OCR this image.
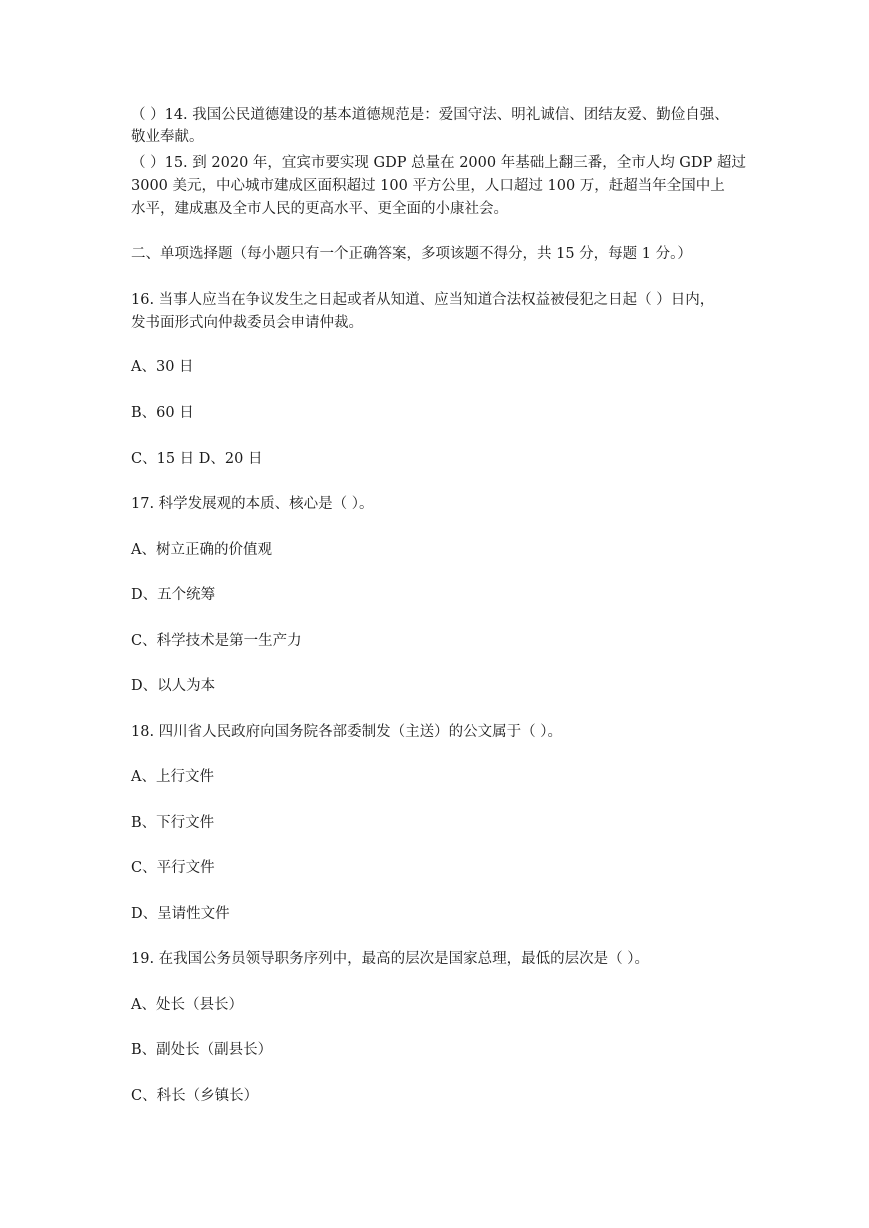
（ ）14. 我国公民道德建设的基本道德规范是：爱国守法、明礼诚信、团结友爱、勤俭自强、
敬业奉献。
（ ）15. 到 2020 年，宜宾市要实现 GDP 总量在 2000 年基础上翻三番，全市人均 GDP 超过
3000 美元，中心城市建成区面积超过 100 平方公里，人口超过 100 万，赶超当年全国中上
水平，建成惠及全市人民的更高水平、更全面的小康社会。
二、单项选择题（每小题只有一个正确答案，多项该题不得分，共 15 分，每题 1 分。）
16. 当事人应当在争议发生之日起或者从知道、应当知道合法权益被侵犯之日起（ ）日内，
发书面形式向仲裁委员会申请仲裁。
A、30 日
B、60 日
C、15 日 D、20 日
17. 科学发展观的本质、核心是（ ）。
A、树立正确的价值观
D、五个统筹
C、科学技术是第一生产力
D、以人为本
18. 四川省人民政府向国务院各部委制发（主送）的公文属于（ ）。
A、上行文件
B、下行文件
C、平行文件
D、呈请性文件
19. 在我国公务员领导职务序列中，最高的层次是国家总理，最低的层次是（ ）。
A、处长（县长）
B、副处长（副县长）
C、科长（乡镇长）
